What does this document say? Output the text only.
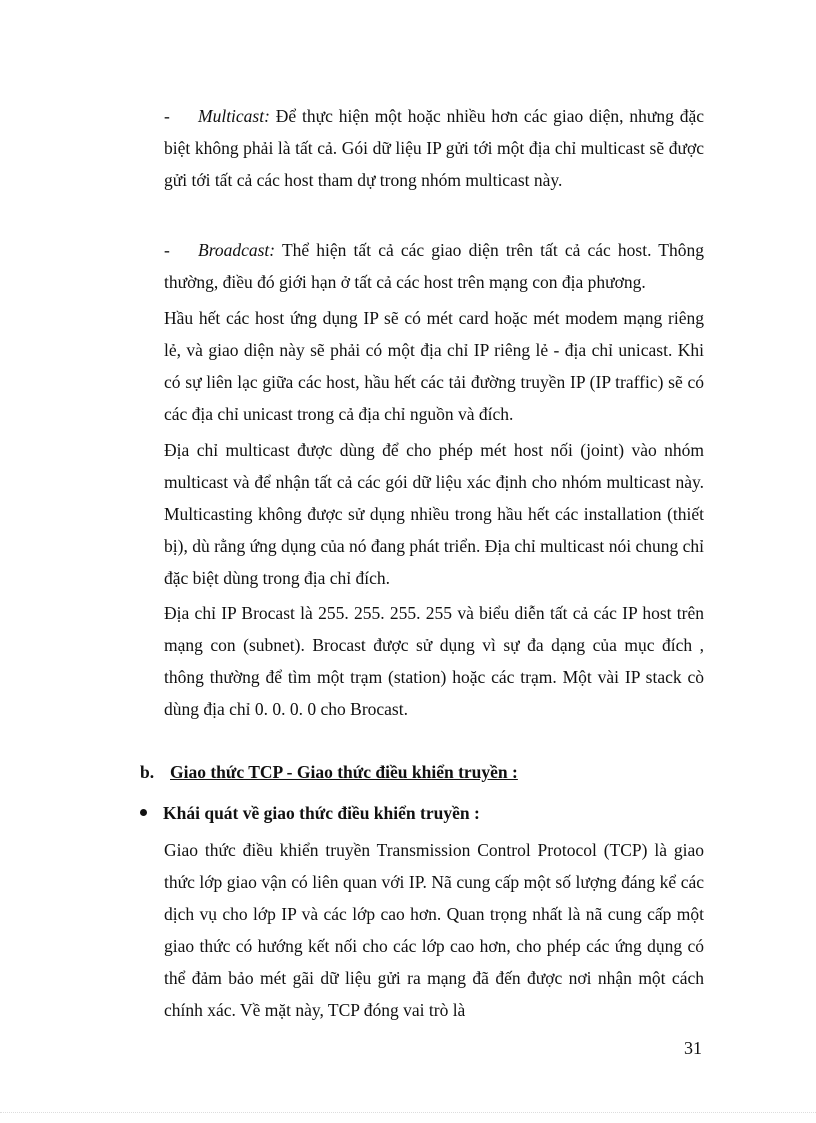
- Multicast: Để thực hiện một hoặc nhiều hơn các giao diện, nhưng đặc biệt không phải là tất cả. Gói dữ liệu IP gửi tới một địa chỉ multicast sẽ được gửi tới tất cả các host tham dự trong nhóm multicast này.

- Broadcast: Thể hiện tất cả các giao diện trên tất cả các host. Thông thường, điều đó giới hạn ở tất cả các host trên mạng con địa phương.

Hầu hết các host ứng dụng IP sẽ có mét card hoặc mét modem mạng riêng lẻ, và giao diện này sẽ phải có một địa chỉ IP riêng lẻ - địa chỉ unicast. Khi có sự liên lạc giữa các host, hầu hết các tải đường truyền IP (IP traffic) sẽ có các địa chỉ unicast trong cả địa chỉ nguồn và đích.

Địa chỉ multicast được dùng để cho phép mét host nối (joint) vào nhóm multicast và để nhận tất cả các gói dữ liệu xác định cho nhóm multicast này. Multicasting không được sử dụng nhiều trong hầu hết các installation (thiết bị), dù rằng ứng dụng của nó đang phát triển. Địa chỉ multicast nói chung chỉ đặc biệt dùng trong địa chỉ đích.

Địa chỉ IP Brocast là 255. 255. 255. 255 và biểu diễn tất cả các IP host trên mạng con (subnet). Brocast được sử dụng vì sự đa dạng của mục đích , thông thường để tìm một trạm (station) hoặc các trạm. Một vài IP stack cò dùng địa chỉ 0. 0. 0. 0 cho Brocast.

b. Giao thức TCP - Giao thức điều khiển truyền :
Khái quát về giao thức điều khiển truyền :

Giao thức điều khiển truyền Transmission Control Protocol (TCP) là giao thức lớp giao vận có liên quan với IP. Nã cung cấp một số lượng đáng kể các dịch vụ cho lớp IP và các lớp cao hơn. Quan trọng nhất là nã cung cấp một giao thức có hướng kết nối cho các lớp cao hơn, cho phép các ứng dụng có thể đảm bảo mét gãi dữ liệu gửi ra mạng đã đến được nơi nhận một cách chính xác. Về mặt này, TCP đóng vai trò là

31
